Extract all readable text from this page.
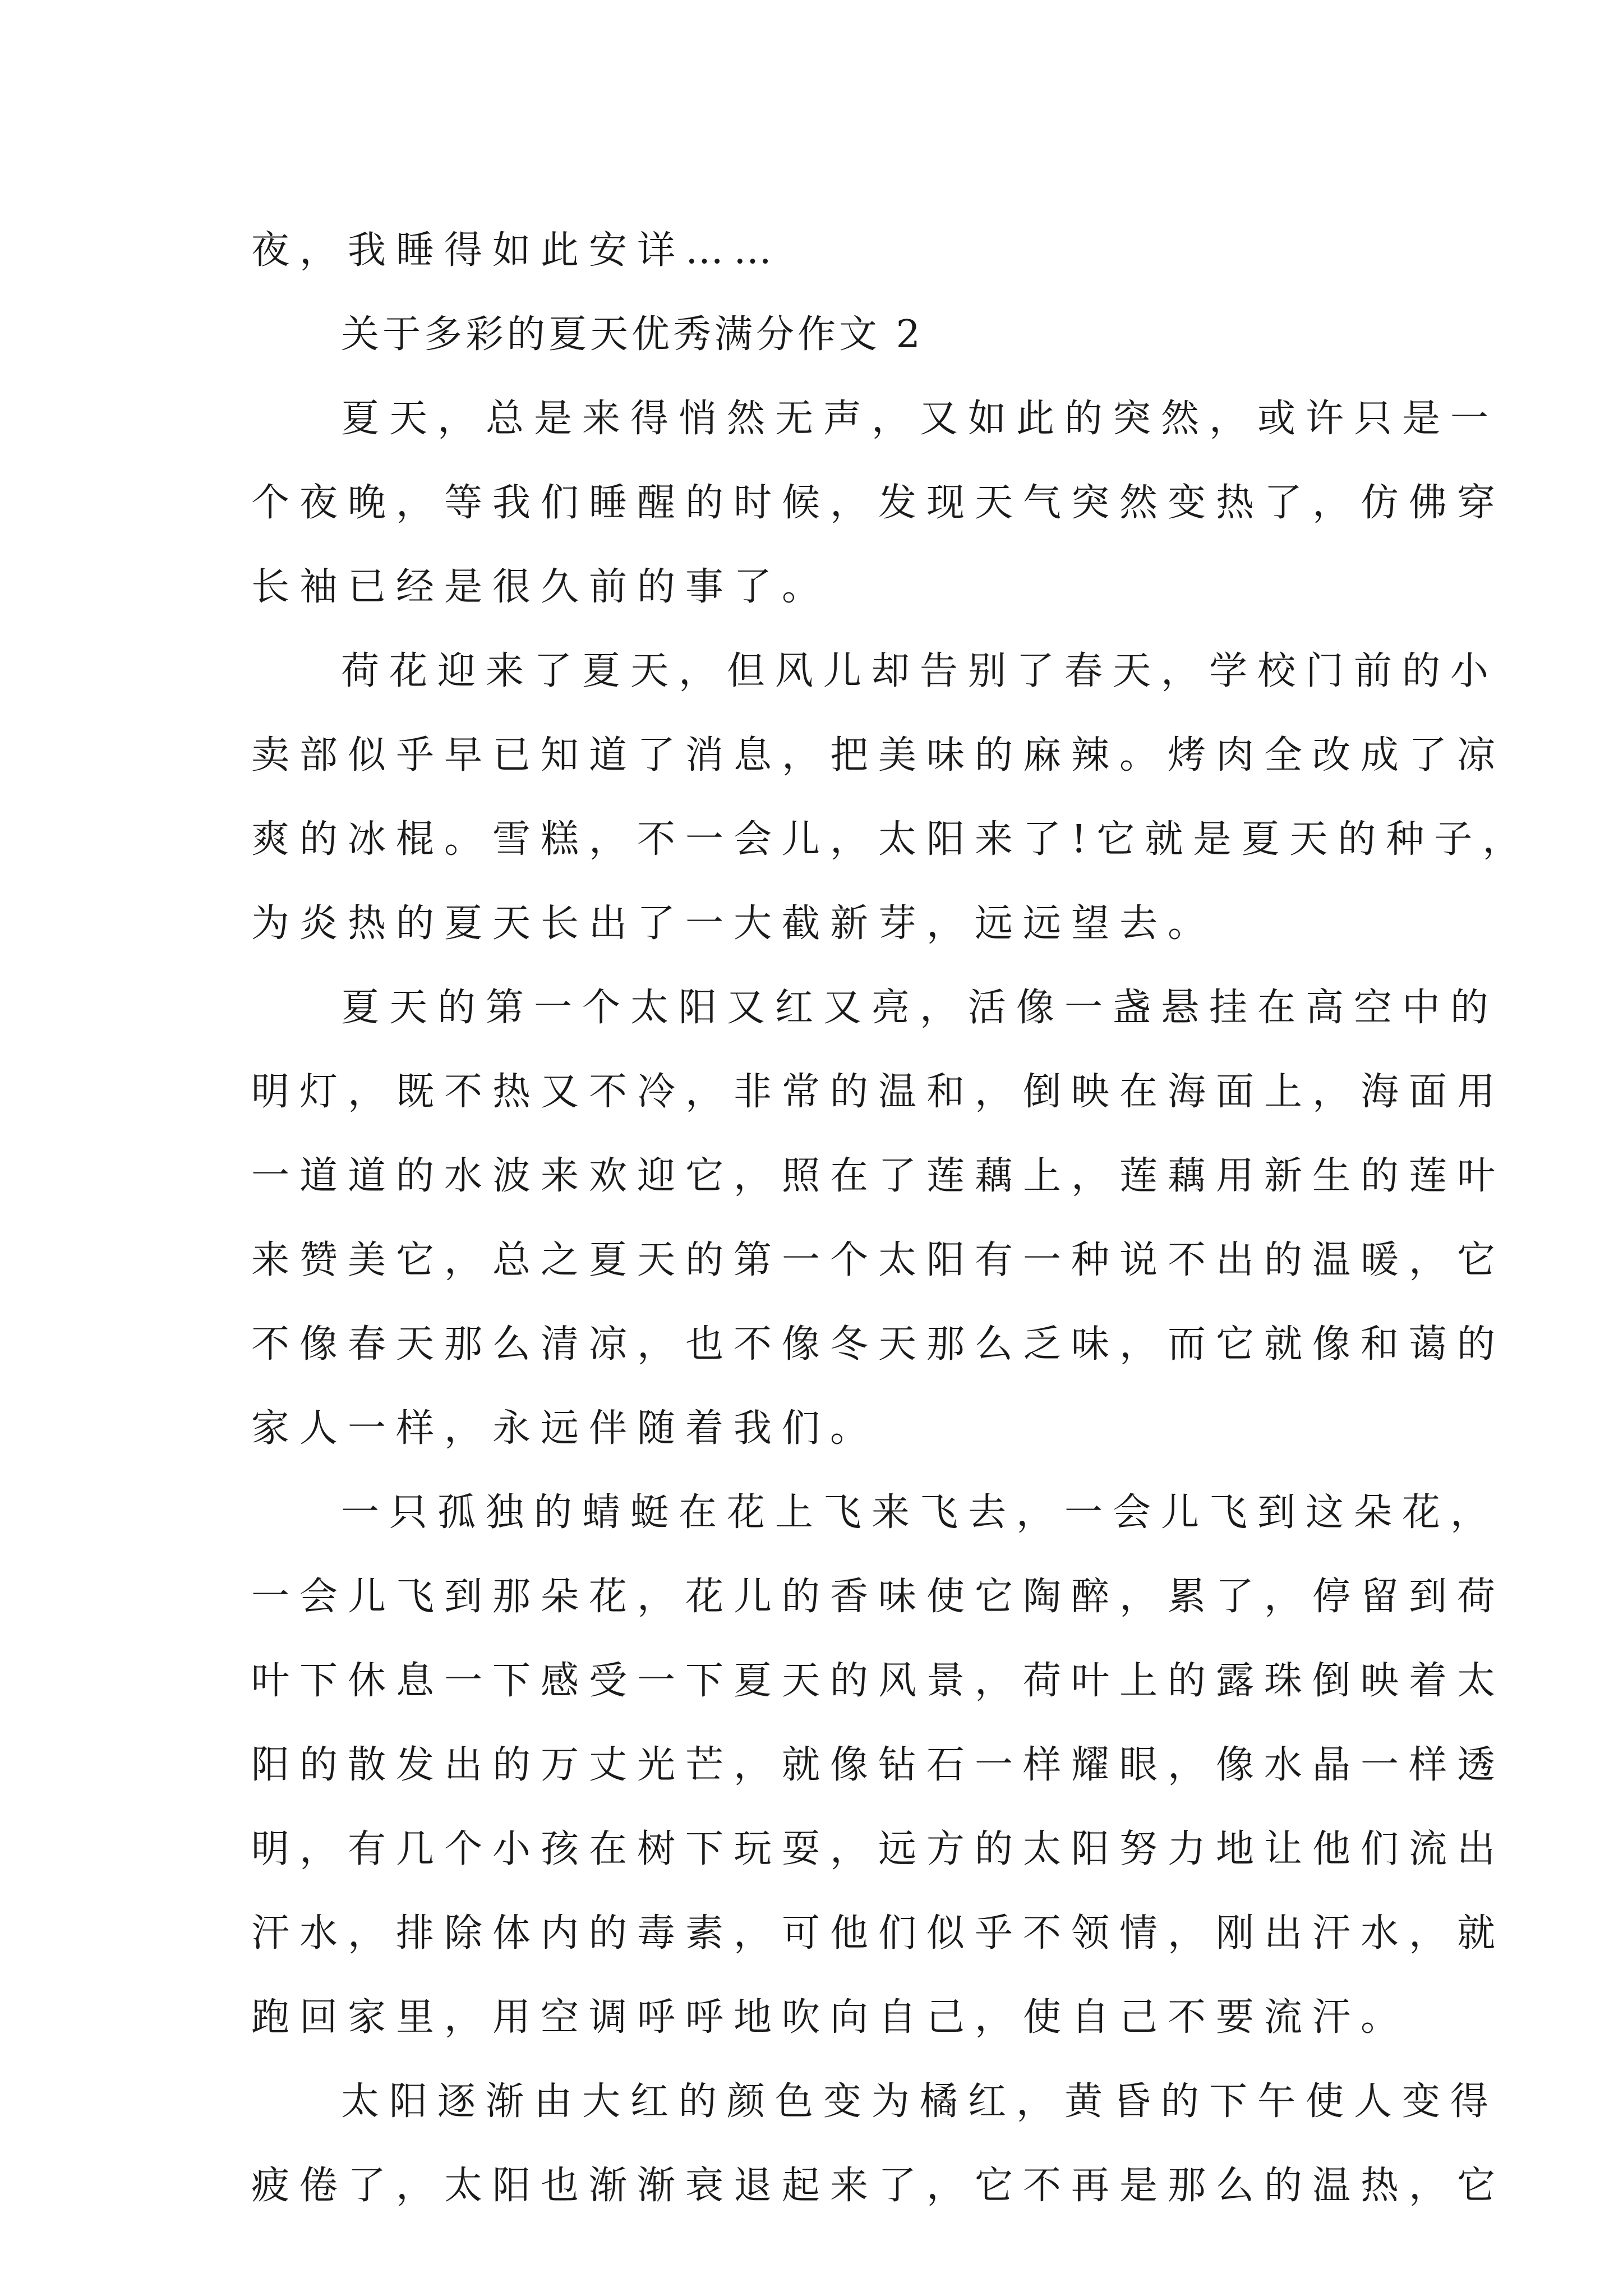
夜，我睡得如此安详……
关于多彩的夏天优秀满分作文 2
夏天，总是来得悄然无声，又如此的突然，或许只是一
个夜晚，等我们睡醒的时候，发现天气突然变热了，仿佛穿
长袖已经是很久前的事了。
荷花迎来了夏天，但风儿却告别了春天，学校门前的小
卖部似乎早已知道了消息，把美味的麻辣。烤肉全改成了凉
爽的冰棍。雪糕，不一会儿，太阳来了!它就是夏天的种子，
为炎热的夏天长出了一大截新芽，远远望去。
夏天的第一个太阳又红又亮，活像一盏悬挂在高空中的
明灯，既不热又不冷，非常的温和，倒映在海面上，海面用
一道道的水波来欢迎它，照在了莲藕上，莲藕用新生的莲叶
来赞美它，总之夏天的第一个太阳有一种说不出的温暖，它
不像春天那么清凉，也不像冬天那么乏味，而它就像和蔼的
家人一样，永远伴随着我们。
一只孤独的蜻蜓在花上飞来飞去，一会儿飞到这朵花，
一会儿飞到那朵花，花儿的香味使它陶醉，累了，停留到荷
叶下休息一下感受一下夏天的风景，荷叶上的露珠倒映着太
阳的散发出的万丈光芒，就像钻石一样耀眼，像水晶一样透
明，有几个小孩在树下玩耍，远方的太阳努力地让他们流出
汗水，排除体内的毒素，可他们似乎不领情，刚出汗水，就
跑回家里，用空调呼呼地吹向自己，使自己不要流汗。
太阳逐渐由大红的颜色变为橘红，黄昏的下午使人变得
疲倦了，太阳也渐渐衰退起来了，它不再是那么的温热，它
